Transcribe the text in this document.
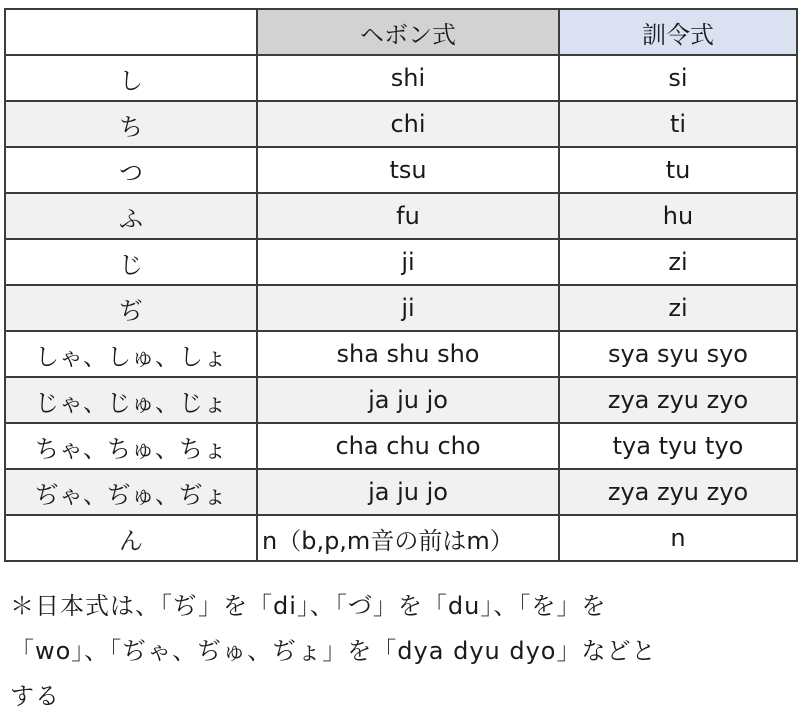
	ヘボン式	訓令式
し	shi	si
ち	chi	ti
つ	tsu	tu
ふ	fu	hu
じ	ji	zi
ぢ	ji	zi
しゃ、しゅ、しょ	sha shu sho	sya syu syo
じゃ、じゅ、じょ	ja ju jo	zya zyu zyo
ちゃ、ちゅ、ちょ	cha chu cho	tya tyu tyo
ぢゃ、ぢゅ、ぢょ	ja ju jo	zya zyu zyo
ん	n（b,p,m音の前はm）	n

＊日本式は、「ぢ」を「di」、「づ」を「du」、「を」を

「wo」、「ぢゃ、ぢゅ、ぢょ」を「dya dyu dyo」などと

する
